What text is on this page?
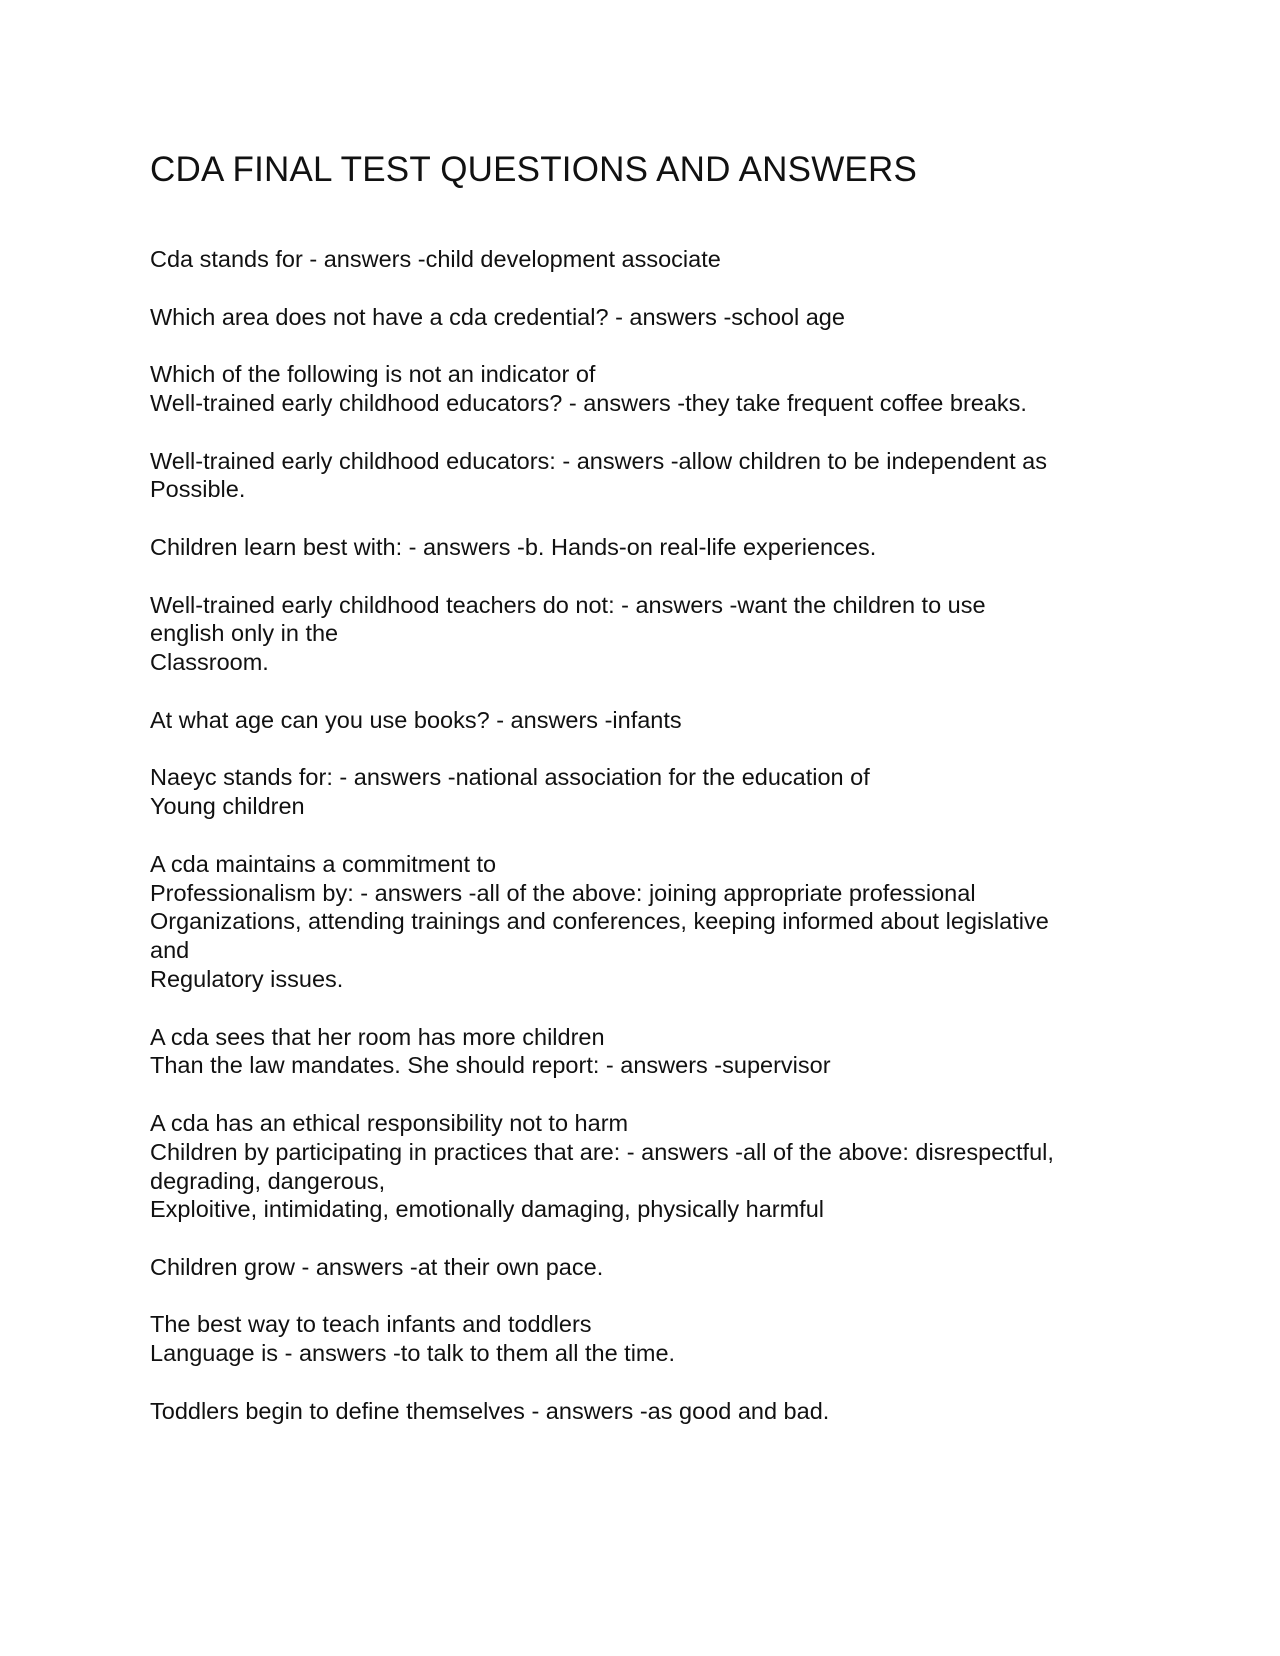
CDA FINAL TEST QUESTIONS AND ANSWERS
Cda stands for - answers -child development associate
Which area does not have a cda credential? - answers -school age
Which of the following is not an indicator of
Well-trained early childhood educators? - answers -they take frequent coffee breaks.
Well-trained early childhood educators: - answers -allow children to be independent as
Possible.
Children learn best with: - answers -b. Hands-on real-life experiences.
Well-trained early childhood teachers do not: - answers -want the children to use
english only in the
Classroom.
At what age can you use books? - answers -infants
Naeyc stands for: - answers -national association for the education of
Young children
A cda maintains a commitment to
Professionalism by: - answers -all of the above: joining appropriate professional
Organizations, attending trainings and conferences, keeping informed about legislative
and
Regulatory issues.
A cda sees that her room has more children
Than the law mandates. She should report: - answers -supervisor
A cda has an ethical responsibility not to harm
Children by participating in practices that are: - answers -all of the above: disrespectful,
degrading, dangerous,
Exploitive, intimidating, emotionally damaging, physically harmful
Children grow - answers -at their own pace.
The best way to teach infants and toddlers
Language is - answers -to talk to them all the time.
Toddlers begin to define themselves - answers -as good and bad.
